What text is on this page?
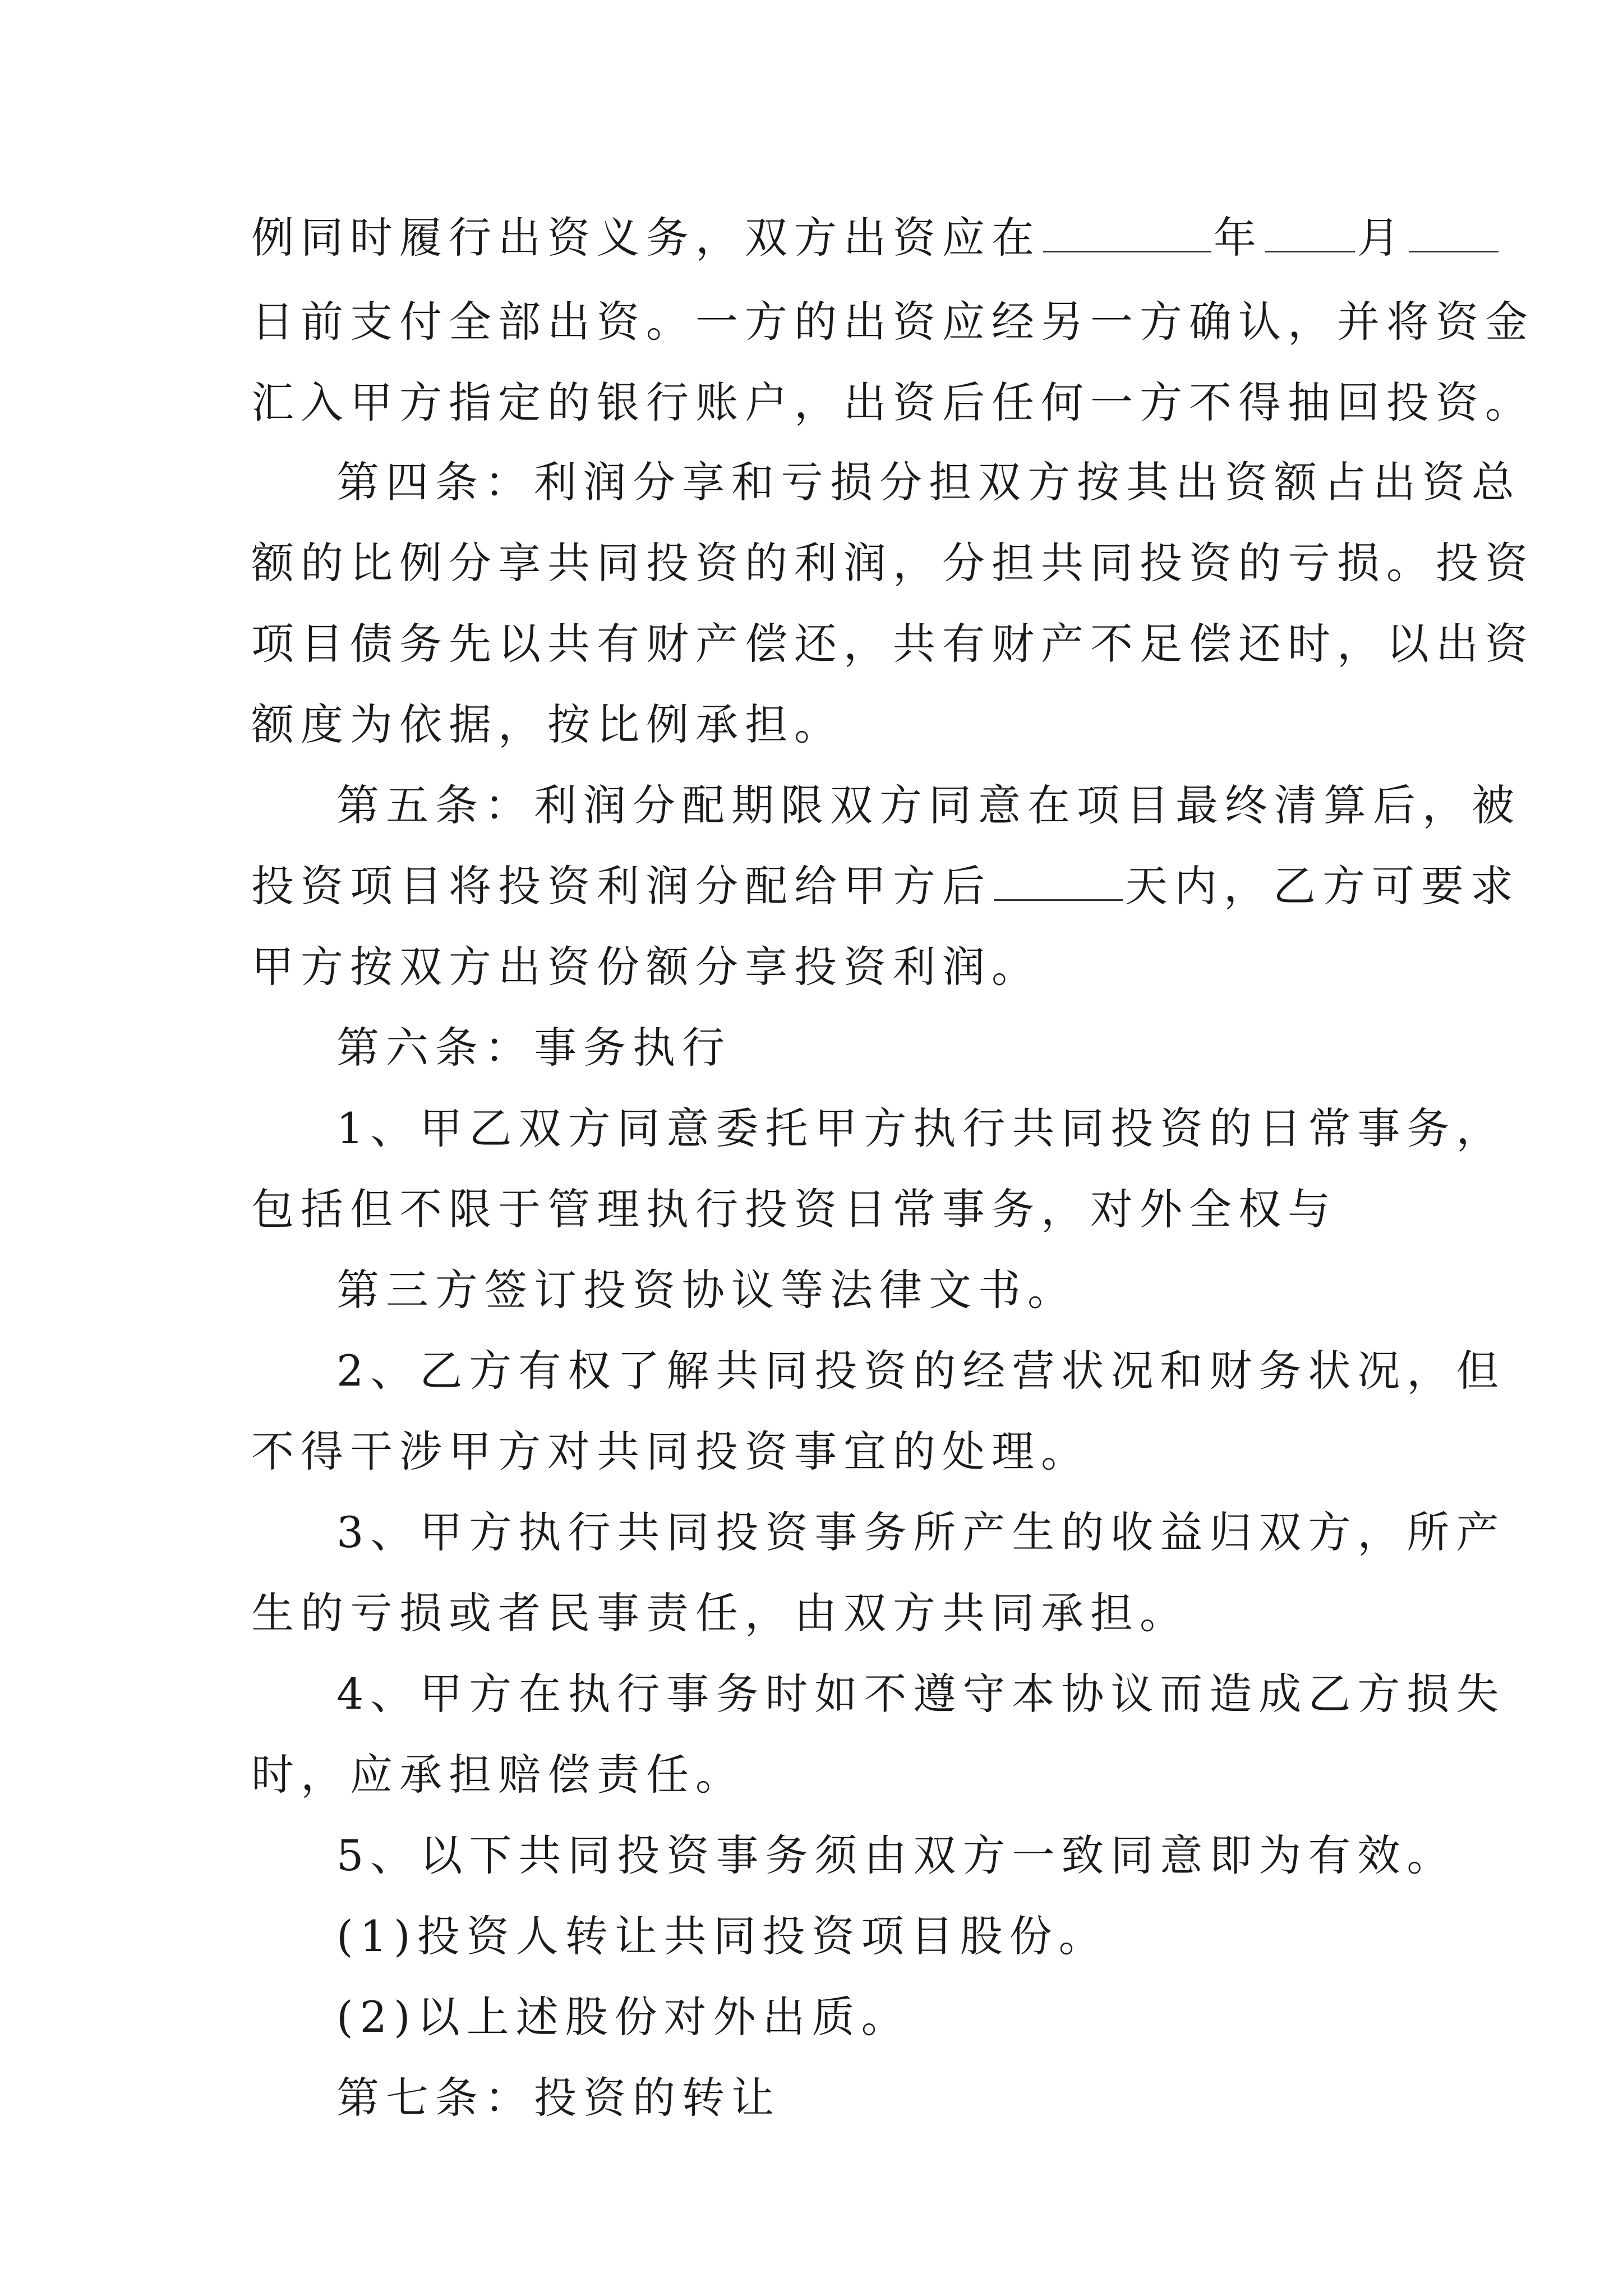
例同时履行出资义务，双方出资应在	年 月
日前支付全部出资。一方的出资应经另一方确认，并将资金
汇入甲方指定的银行账户，出资后任何一方不得抽回投资。
第四条：利润分享和亏损分担双方按其出资额占出资总
额的比例分享共同投资的利润，分担共同投资的亏损。投资
项目债务先以共有财产偿还，共有财产不足偿还时，以出资
额度为依据，按比例承担。
第五条：利润分配期限双方同意在项目最终清算后，被
投资项目将投资利润分配给甲方后	天内，乙方可要求
甲方按双方出资份额分享投资利润。
第六条：事务执行
1、甲乙双方同意委托甲方执行共同投资的日常事务，
包括但不限于管理执行投资日常事务，对外全权与
第三方签订投资协议等法律文书。
2、乙方有权了解共同投资的经营状况和财务状况，但
不得干涉甲方对共同投资事宜的处理。
3、甲方执行共同投资事务所产生的收益归双方，所产
生的亏损或者民事责任，由双方共同承担。
4、甲方在执行事务时如不遵守本协议而造成乙方损失
时，应承担赔偿责任。
5、以下共同投资事务须由双方一致同意即为有效。
(1)投资人转让共同投资项目股份。
(2)以上述股份对外出质。
第七条：投资的转让
